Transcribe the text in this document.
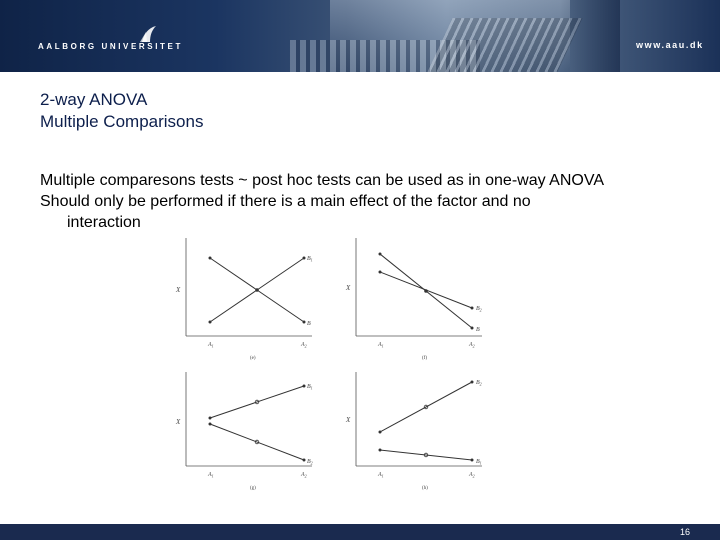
AALBORG UNIVERSITET	www.aau.dk
2-way ANOVA
Multiple Comparisons
Multiple comparesons tests ~ post hoc tests can be used as in one-way ANOVA
Should only be performed if there is a main effect of the factor and no
interaction
X
$B_1$
B
$A_1$	$A_2$
(e)
X
$B_2$
B
$A_1$	$A_2$
(f)
X
$B_1$
$B_2$
$A_1$	$A_2$
(g)
X
$B_2$
$B_1$
$A_1$	$A_2$
(h)
16
